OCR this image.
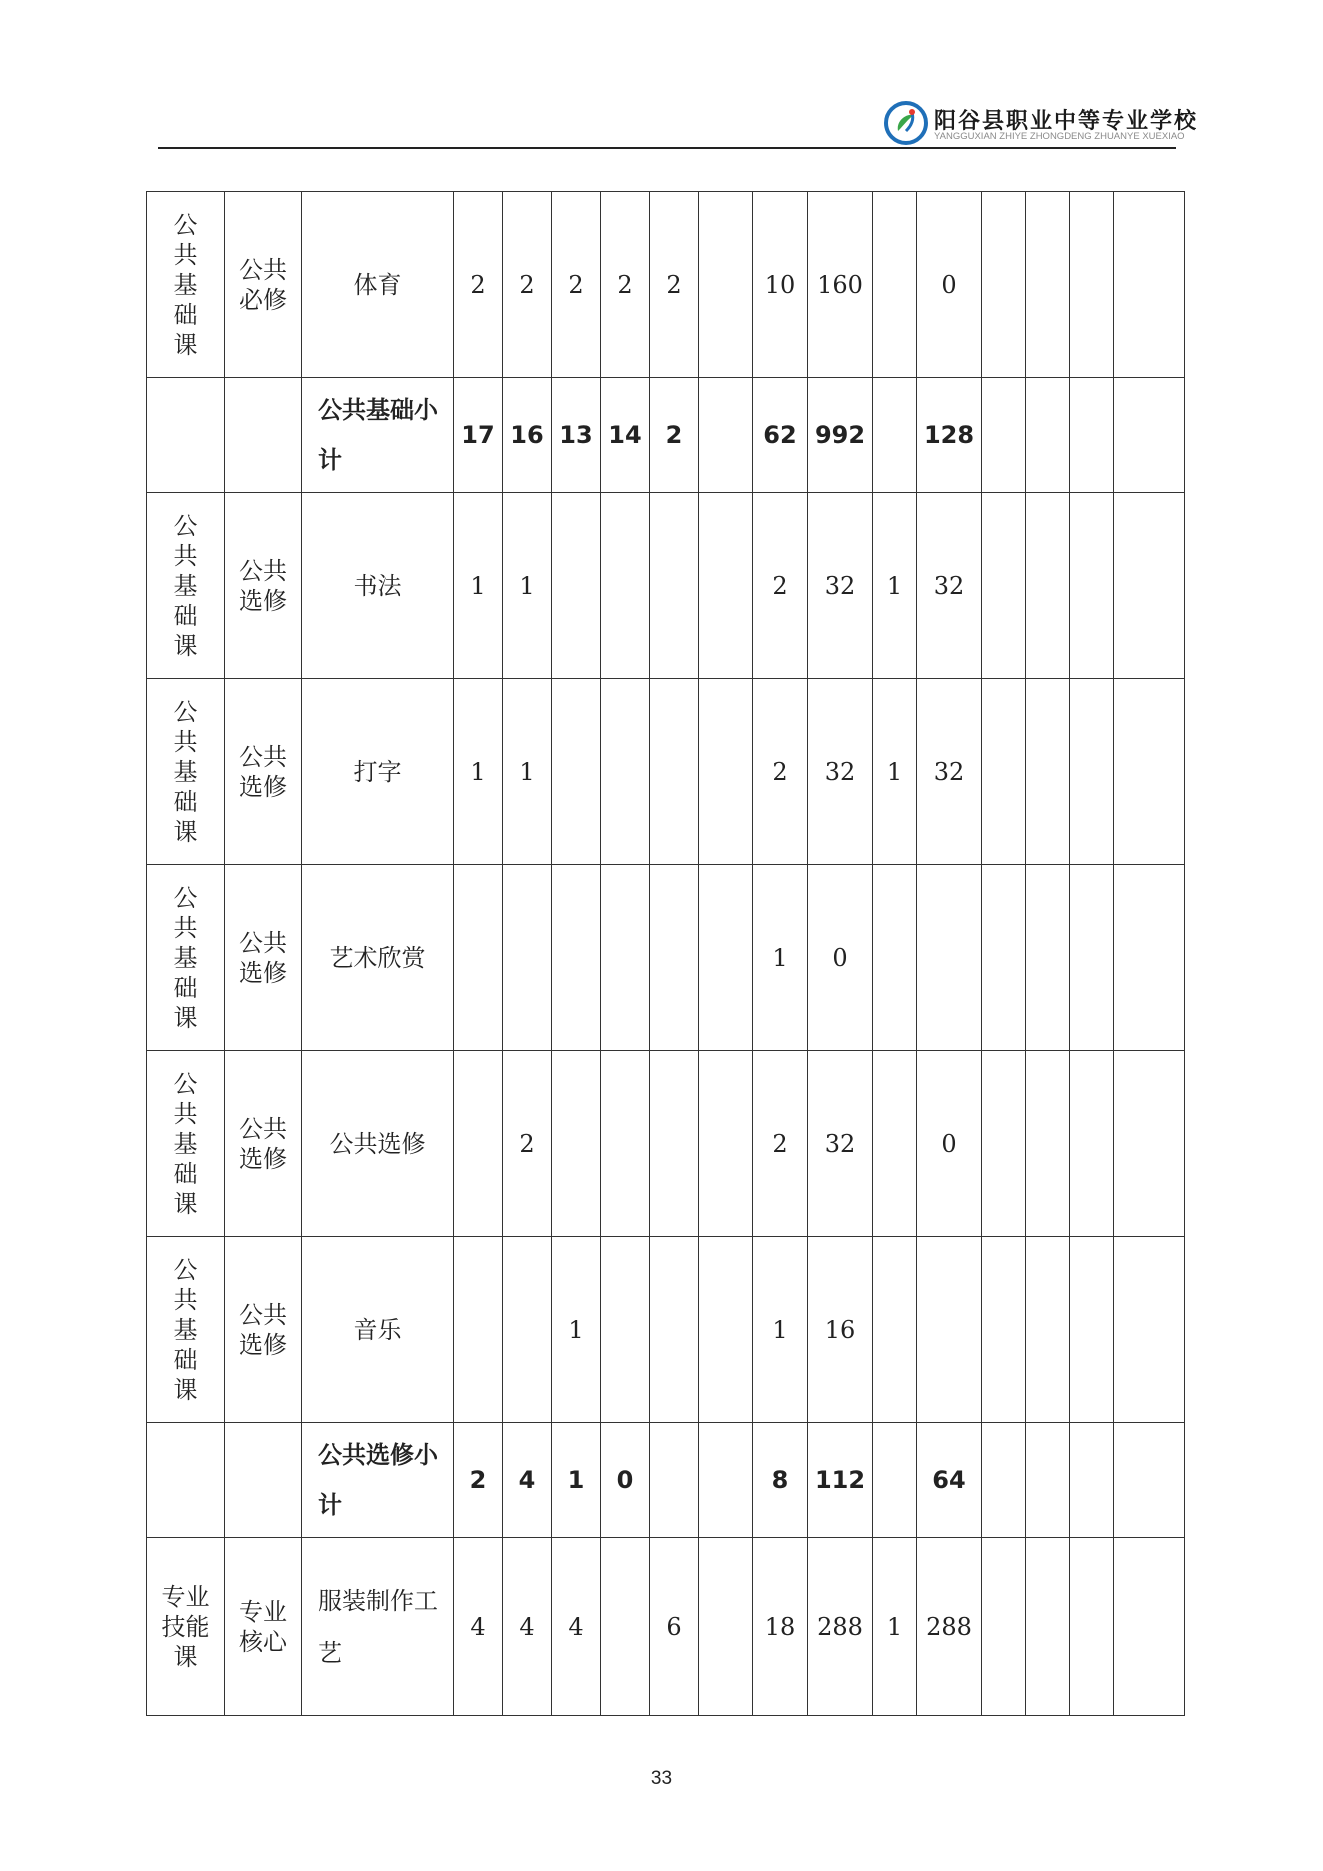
阳谷县职业中等专业学校
YANGGUXIAN ZHIYE ZHONGDENG ZHUANYE XUEXIAO
公共基础课	公共必修	体育	2	2	2	2	2		10	160		0				
		公共基础小计	17	16	13	14	2		62	992		128				
公共基础课	公共选修	书法	1	1					2	32	1	32				
公共基础课	公共选修	打字	1	1					2	32	1	32				
公共基础课	公共选修	艺术欣赏							1	0						
公共基础课	公共选修	公共选修		2					2	32		0				
公共基础课	公共选修	音乐			1				1	16						
		公共选修小计	2	4	1	0			8	112		64				
专业技能课	专业核心	服装制作工艺	4	4	4		6		18	288	1	288				
33
